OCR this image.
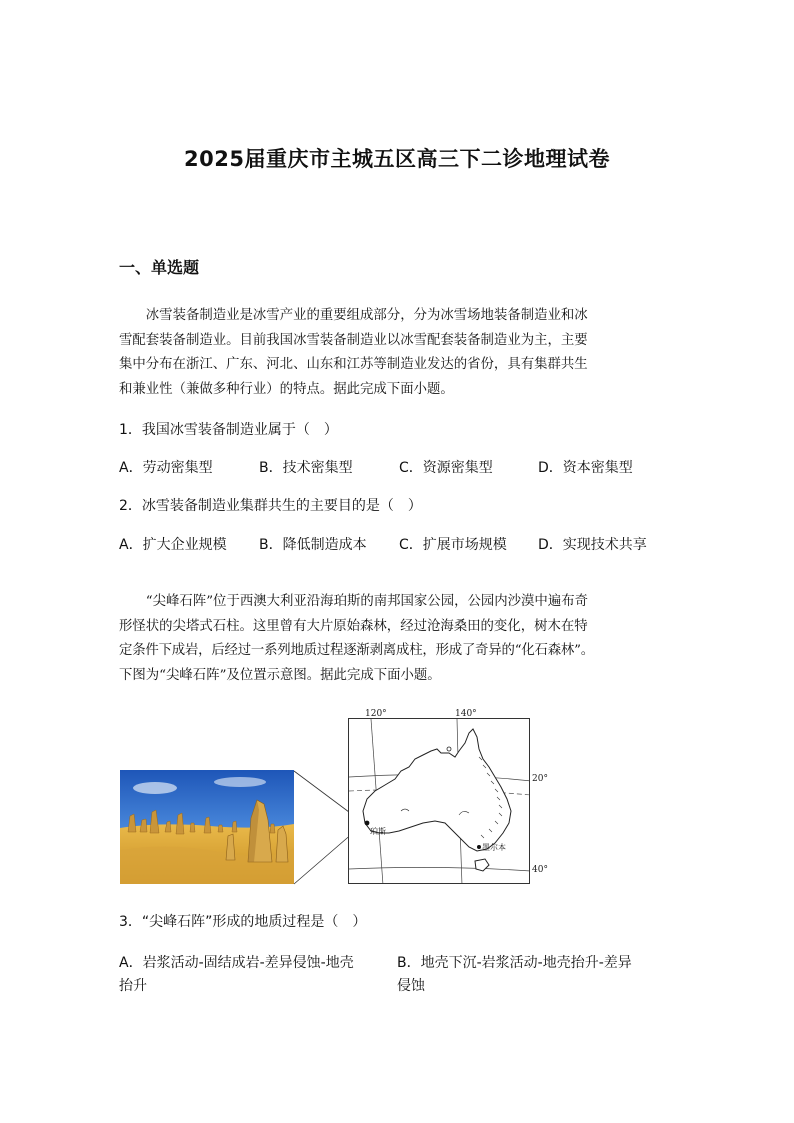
2025届重庆市主城五区高三下二诊地理试卷
一、单选题

冰雪装备制造业是冰雪产业的重要组成部分，分为冰雪场地装备制造业和冰

雪配套装备制造业。目前我国冰雪装备制造业以冰雪配套装备制造业为主，主要

集中分布在浙江、广东、河北、山东和江苏等制造业发达的省份，具有集群共生

和兼业性（兼做多种行业）的特点。据此完成下面小题。

1．我国冰雪装备制造业属于（　）
A．劳动密集型	B．技术密集型	C．资源密集型	D．资本密集型
2．冰雪装备制造业集群共生的主要目的是（　）
A．扩大企业规模 B．降低制造成本 C．扩展市场规模 D．实现技术共享

“尖峰石阵”位于西澳大利亚沿海珀斯的南邦国家公园，公园内沙漠中遍布奇

形怪状的尖塔式石柱。这里曾有大片原始森林，经过沧海桑田的变化，树木在特

定条件下成岩，后经过一系列地质过程逐渐剥离成柱，形成了奇异的“化石森林”。

下图为“尖峰石阵”及位置示意图。据此完成下面小题。

120°	140°
20°
40°
珀斯
墨尔本
3．“尖峰石阵”形成的地质过程是（　）
A．岩浆活动-固结成岩-差异侵蚀-地壳
抬升
B．地壳下沉-岩浆活动-地壳抬升-差异
侵蚀
